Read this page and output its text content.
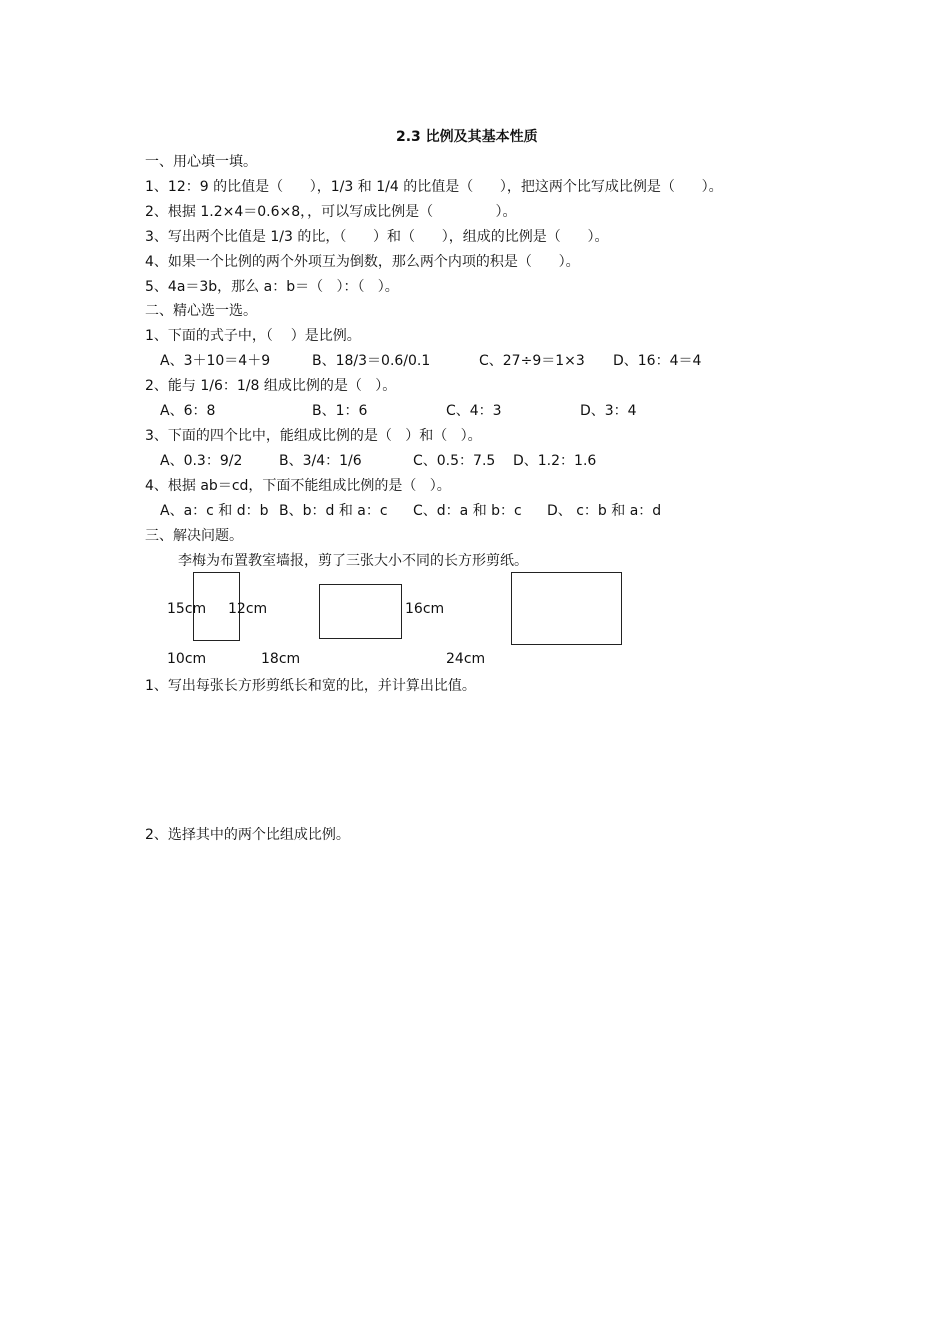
2.3 比例及其基本性质
一、用心填一填。
1、12：9 的比值是（      ），1/3 和 1/4 的比值是（      ），把这两个比写成比例是（      ）。
2、根据 1.2×4＝0.6×8，，可以写成比例是（              ）。
3、写出两个比值是 1/3 的比，（      ）和（      ），组成的比例是（      ）。
4、如果一个比例的两个外项互为倒数，那么两个内项的积是（      ）。
5、4a＝3b，那么 a：b＝（   ）：（   ）。
二、精心选一选。
1、下面的式子中，（    ）是比例。
A、3＋10＝4＋9	B、18/3＝0.6/0.1	C、27÷9＝1×3 D、16：4＝4
2、能与 1/6：1/8 组成比例的是（   ）。
A、6：8	B、1：6	C、4：3	D、3：4
3、下面的四个比中，能组成比例的是（   ）和（   ）。
A、0.3：9/2	B、3/4：1/6	C、0.5：7.5 D、1.2：1.6
4、根据 ab＝cd，下面不能组成比例的是（   ）。
A、a：c 和 d：b B、b：d 和 a：c C、d：a 和 b：c D、 c：b 和 a：d
三、解决问题。
李梅为布置教室墙报，剪了三张大小不同的长方形剪纸。
15cm 12cm	16cm
10cm	18cm	24cm
1、写出每张长方形剪纸长和宽的比，并计算出比值。
2、选择其中的两个比组成比例。
